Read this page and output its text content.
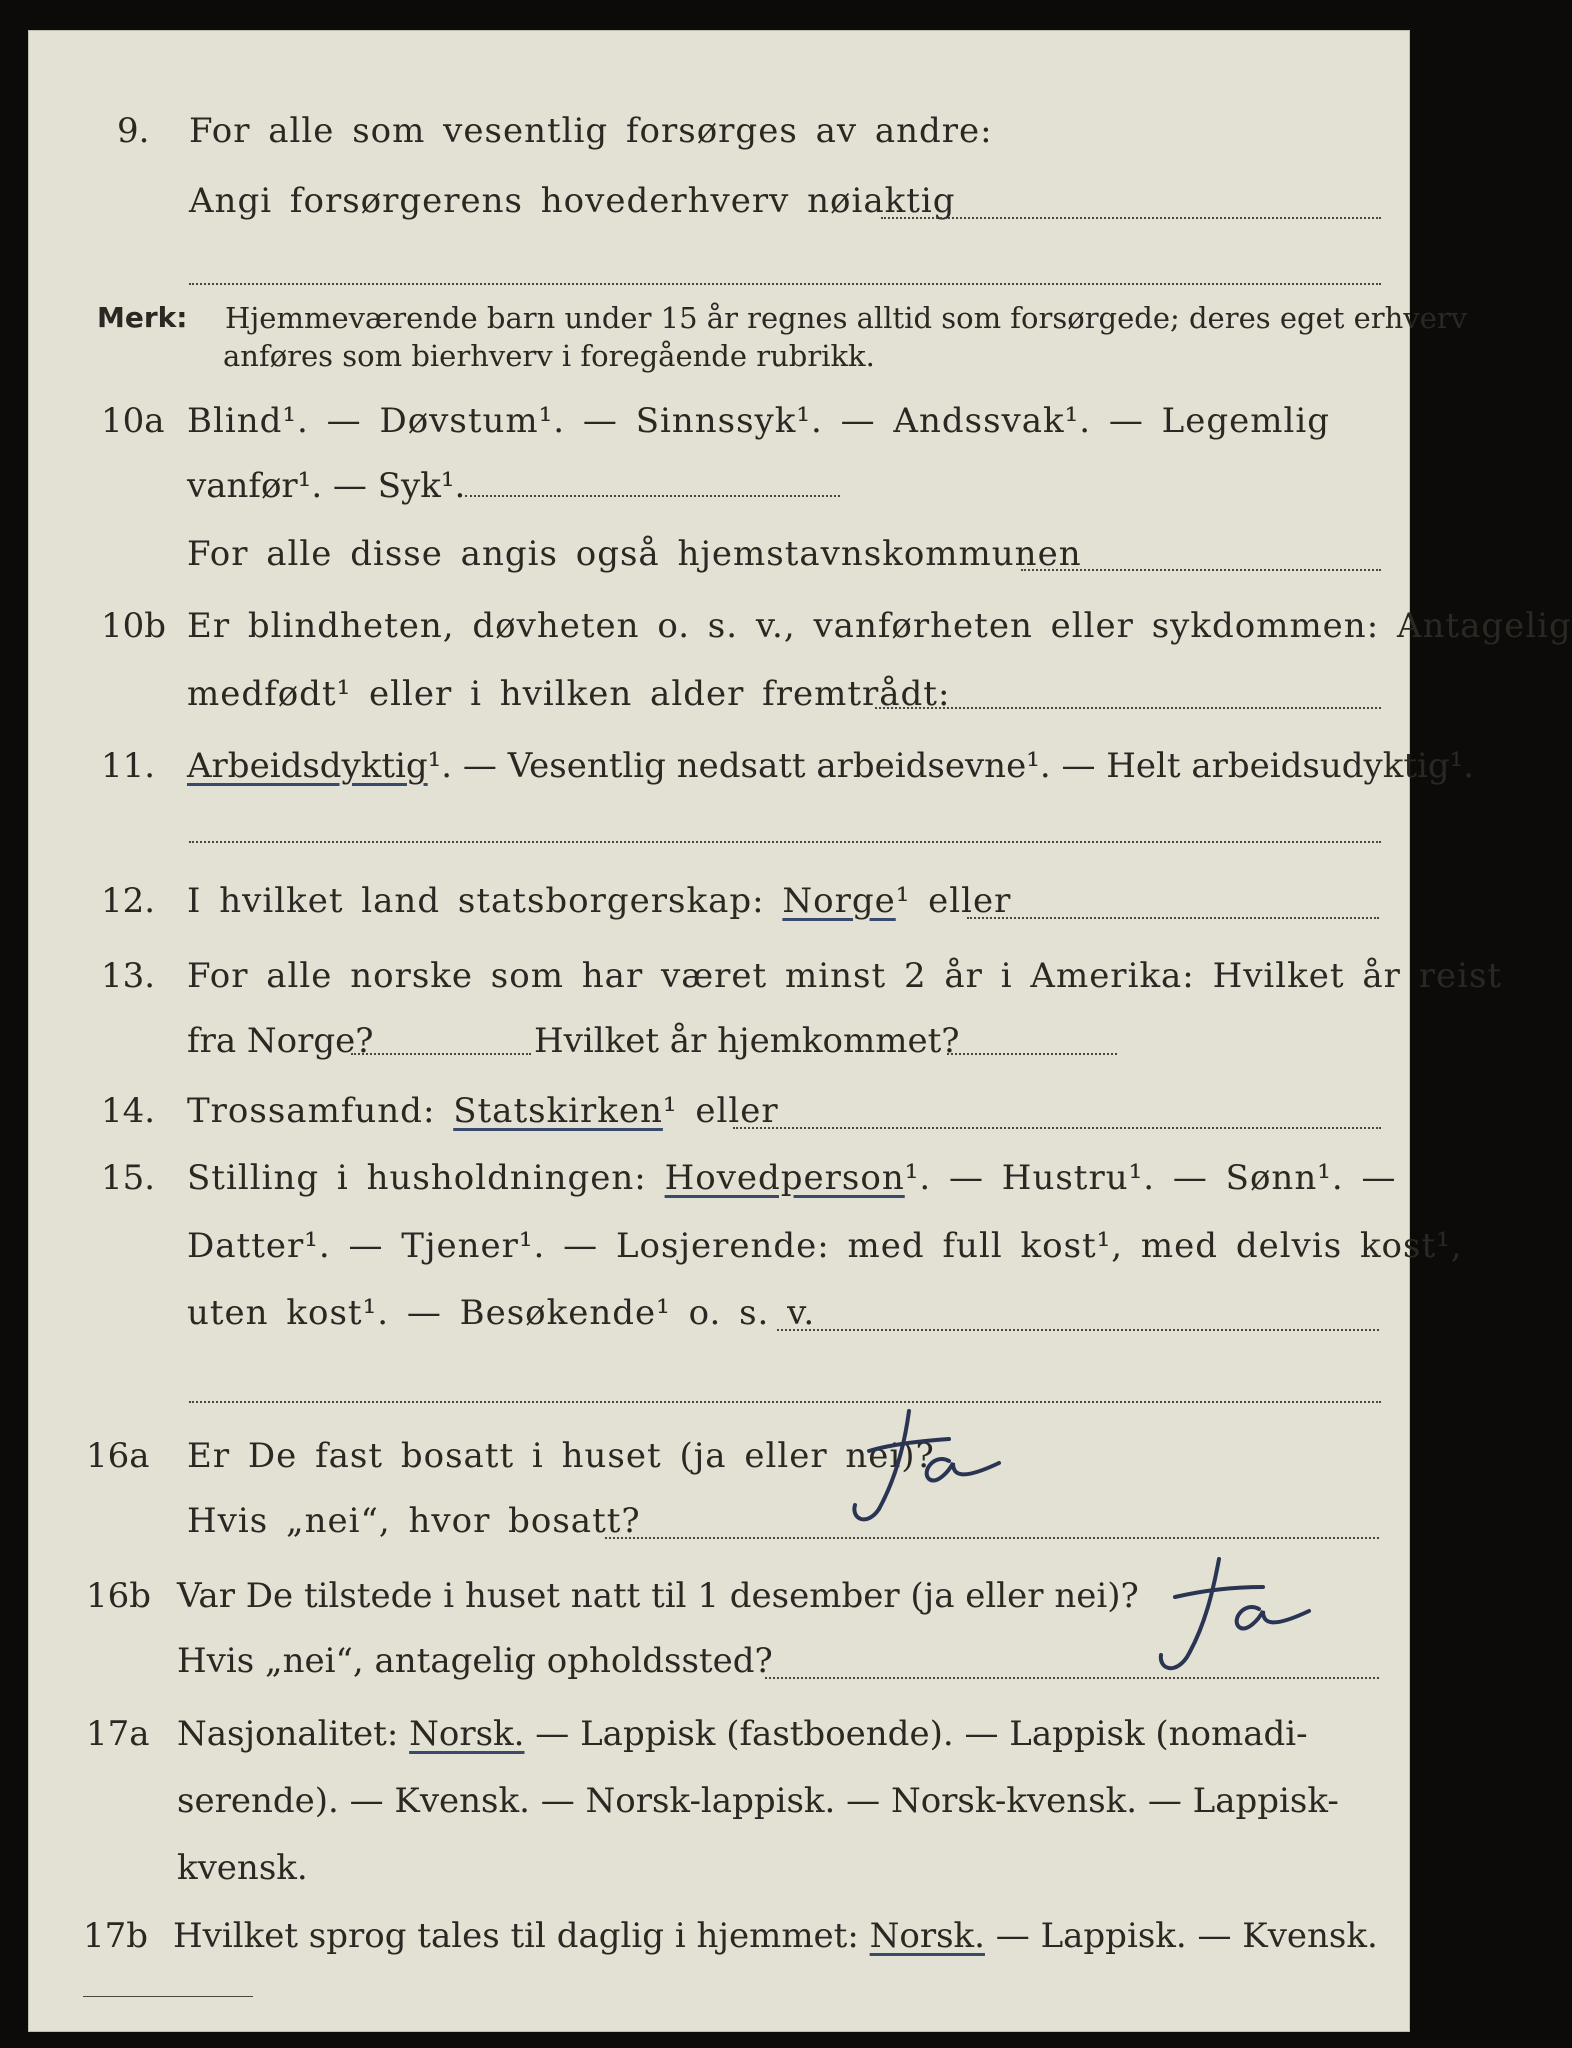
9. For alle som vesentlig forsørges av andre:
Angi forsørgerens hovederhverv nøiaktig
Merk: Hjemmeværende barn under 15 år regnes alltid som forsørgede; deres eget erhverv
anføres som bierhverv i foregående rubrikk.
10a Blind¹. — Døvstum¹. — Sinnssyk¹. — Andssvak¹. — Legemlig
vanfør¹. — Syk¹.
For alle disse angis også hjemstavnskommunen
10b Er blindheten, døvheten o. s. v., vanførheten eller sykdommen: Antagelig
medfødt¹ eller i hvilken alder fremtrådt:
11. Arbeidsdyktig¹. — Vesentlig nedsatt arbeidsevne¹. — Helt arbeidsudyktig¹.
12. I hvilket land statsborgerskap: Norge¹ eller
13. For alle norske som har været minst 2 år i Amerika: Hvilket år reist
fra Norge?	Hvilket år hjemkommet?
14. Trossamfund: Statskirken¹ eller
15. Stilling i husholdningen: Hovedperson¹. — Hustru¹. — Sønn¹. —
Datter¹. — Tjener¹. — Losjerende: med full kost¹, med delvis kost¹,
uten kost¹. — Besøkende¹ o. s. v.
16a Er De fast bosatt i huset (ja eller nei)?
Ja
Hvis „nei“, hvor bosatt?
16b Var De tilstede i huset natt til 1 desember (ja eller nei)?
Ja
Hvis „nei“, antagelig opholdssted?
17a Nasjonalitet: Norsk. — Lappisk (fastboende). — Lappisk (nomadi-
serende). — Kvensk. — Norsk-lappisk. — Norsk-kvensk. — Lappisk-
kvensk.
17b Hvilket sprog tales til daglig i hjemmet: Norsk. — Lappisk. — Kvensk.
